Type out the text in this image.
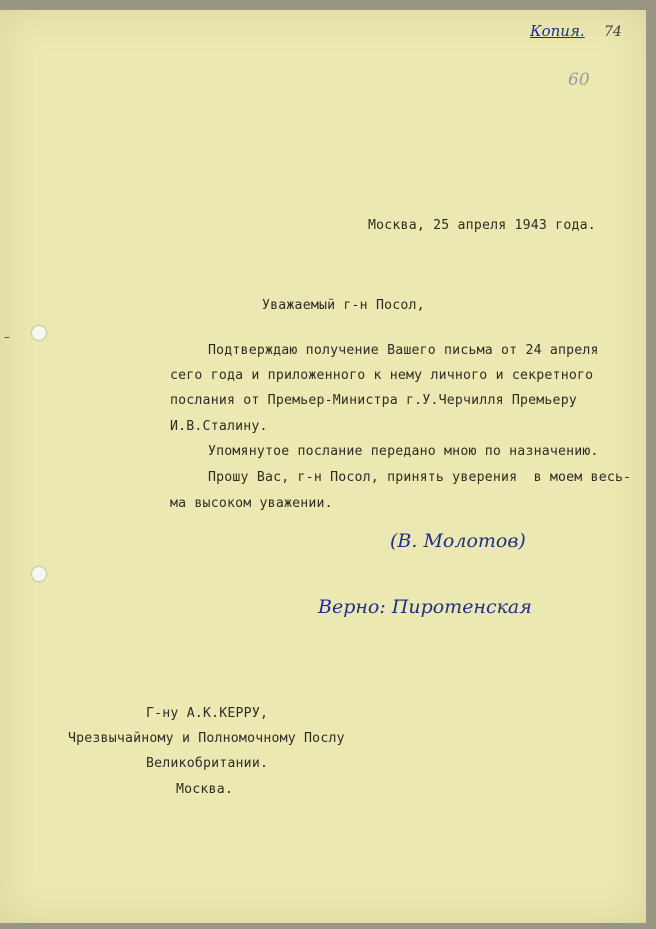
–
Копия. 74
60
Москва, 25 апреля 1943 года.
Уважаемый г-н Посол,
Подтверждаю получение Вашего письма от 24 апреля
сего года и приложенного к нему личного и секретного
послания от Премьер-Министра г.У.Черчилля Премьеру
И.В.Сталину.
Упомянутое послание передано мною по назначению.
Прошу Вас, г-н Посол, принять уверения  в моем весь-
ма высоком уважении.
(В. Молотов)
Верно: Пиротенская
Г-ну А.К.КЕРРУ,
Чрезвычайному и Полномочному Послу
Великобритании.
Москва.
